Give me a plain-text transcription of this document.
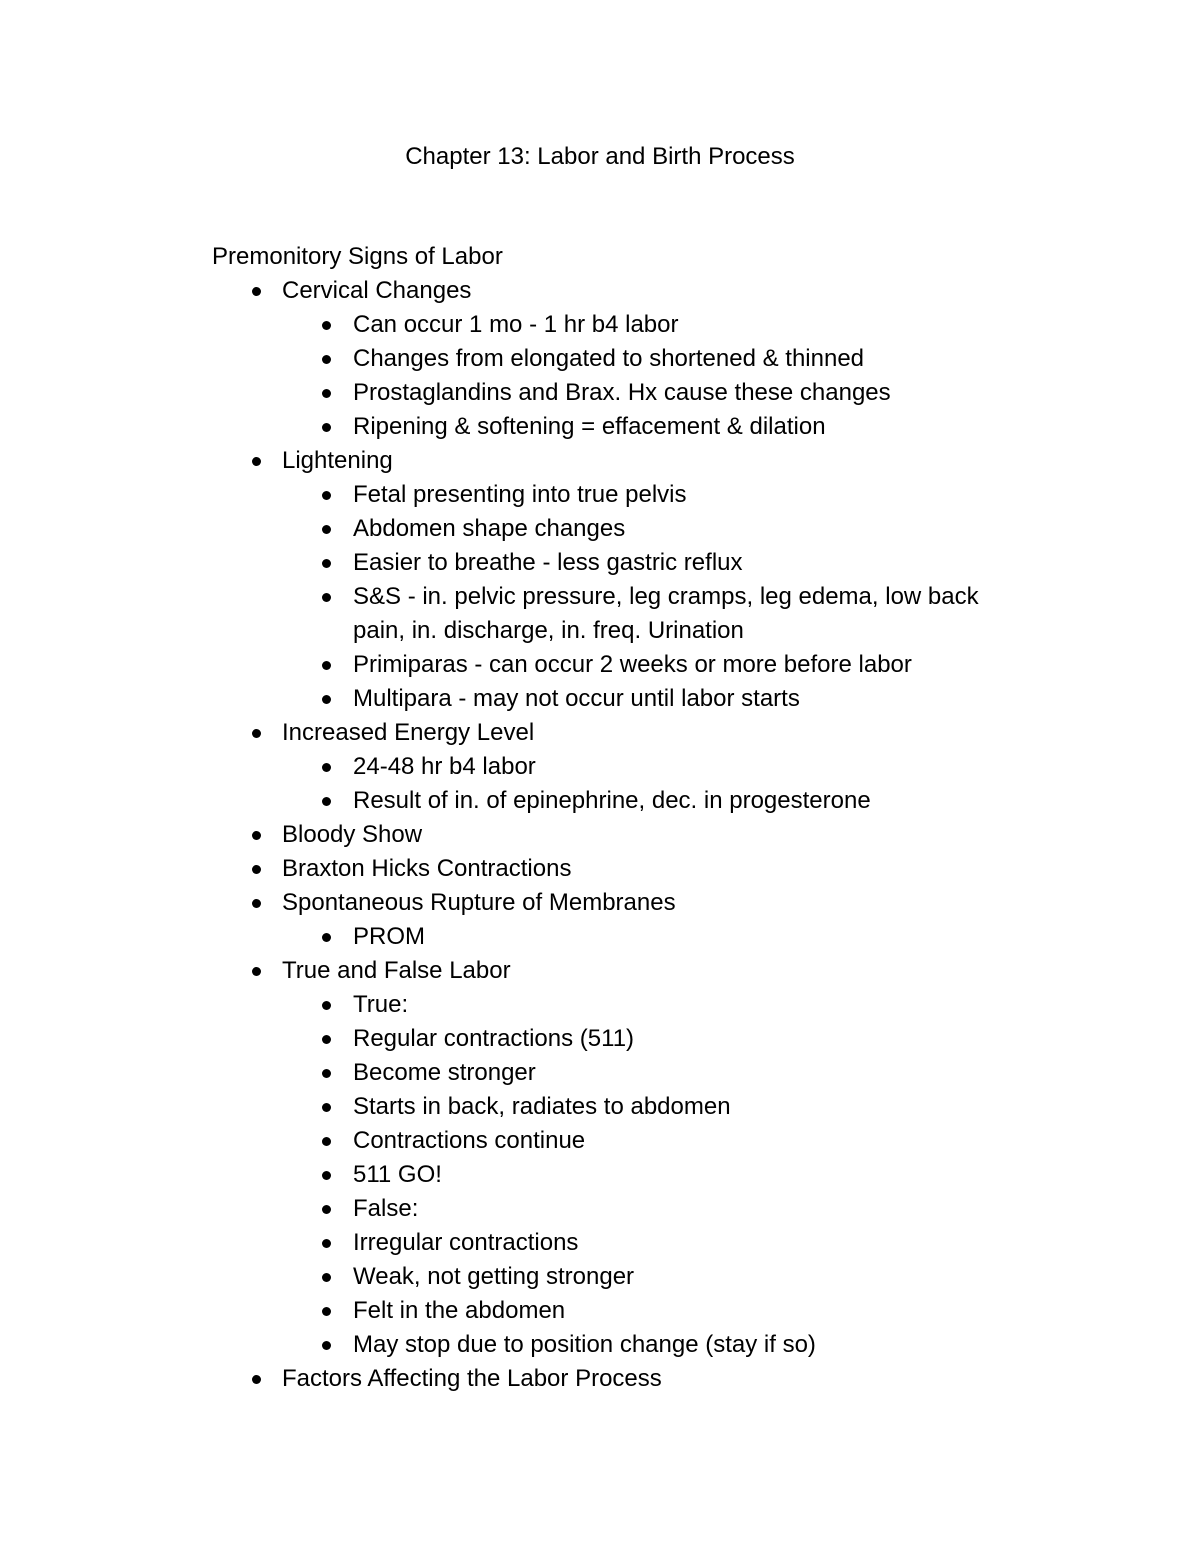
Chapter 13: Labor and Birth Process
Premonitory Signs of Labor
Cervical Changes
Can occur 1 mo - 1 hr b4 labor
Changes from elongated to shortened & thinned
Prostaglandins and Brax. Hx cause these changes
Ripening & softening = effacement & dilation
Lightening
Fetal presenting into true pelvis
Abdomen shape changes
Easier to breathe - less gastric reflux
S&S - in. pelvic pressure, leg cramps, leg edema, low back pain, in. discharge, in. freq. Urination
Primiparas - can occur 2 weeks or more before labor
Multipara - may not occur until labor starts
Increased Energy Level
24-48 hr b4 labor
Result of in. of epinephrine, dec. in progesterone
Bloody Show
Braxton Hicks Contractions
Spontaneous Rupture of Membranes
PROM
True and False Labor
True:
Regular contractions (511)
Become stronger
Starts in back, radiates to abdomen
Contractions continue
511 GO!
False:
Irregular contractions
Weak, not getting stronger
Felt in the abdomen
May stop due to position change (stay if so)
Factors Affecting the Labor Process
